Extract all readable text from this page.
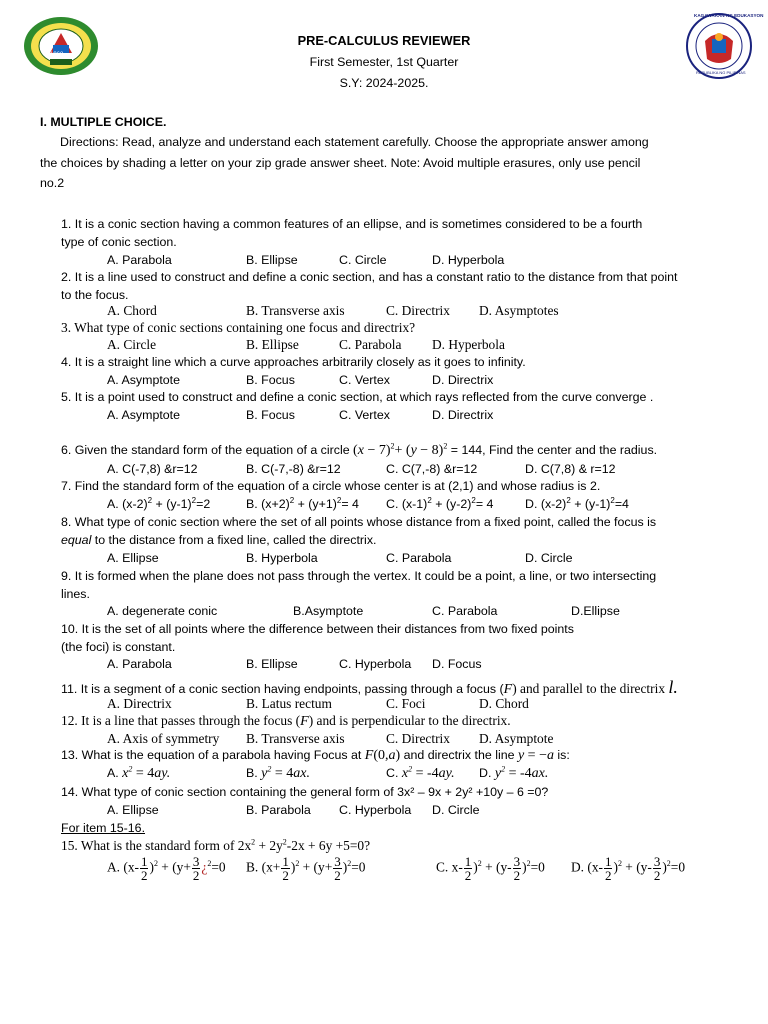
1968
KAGAWARAN NG EDUKASYON
REPUBLIKA NG PILIPINAS
PRE-CALCULUS REVIEWER
First Semester, 1st Quarter
S.Y: 2024-2025.
I. MULTIPLE CHOICE.
Directions: Read, analyze and understand each statement carefully. Choose the appropriate answer among
the choices by shading a letter on your zip grade answer sheet. Note: Avoid multiple erasures, only use pencil
no.2
1. It is a conic section having a common features of an ellipse, and is sometimes considered to be a fourth
type of conic section.
A. Parabola	B. Ellipse	C. Circle	D. Hyperbola
2. It is a line used to construct and define a conic section, and has a constant ratio to the distance from that point
to the focus.
A. Chord	B. Transverse axis	C. Directrix D. Asymptotes
3. What type of conic sections containing one focus and directrix?
A. Circle	B. Ellipse	C. Parabola D. Hyperbola
4. It is a straight line which a curve approaches arbitrarily closely as it goes to infinity.
A. Asymptote	B. Focus	C. Vertex	D. Directrix
5. It is a point used to construct and define a conic section, at which rays reflected from the curve converge .
A. Asymptote	B. Focus	C. Vertex	D. Directrix
6. Given the standard form of the equation of a circle $(x - 7)^2+ (y - 8)^2 = 144$, Find the center and the radius.
A. C(-7,8) &r=12	B. C(-7,-8) &r=12	C. C(7,-8) &r=12	D. C(7,8) & r=12
7. Find the standard form of the equation of a circle whose center is at (2,1) and whose radius is 2.
A. $(x-2)^2 + (y-1)^2=2$	B. $(x+2)^2 + (y+1)^2= 4$ C. $(x-1)^2 + (y-2)^2= 4$	D. $(x-2)^2 + (y-1)^2=4$
8. What type of conic section where the set of all points whose distance from a fixed point, called the focus is
equal to the distance from a fixed line, called the directrix.
A. Ellipse	B. Hyperbola	C. Parabola	D. Circle
9. It is formed when the plane does not pass through the vertex. It could be a point, a line, or two intersecting
lines.
A. degenerate conic	B.Asymptote	C. Parabola	D.Ellipse
10. It is the set of all points where the difference between their distances from two fixed points
(the foci) is constant.
A. Parabola	B. Ellipse	C. Hyperbola D. Focus
11. It is a segment of a conic section having endpoints, passing through a focus (F) and parallel to the directrix l.
A. Directrix	B. Latus rectum	C. Foci	D. Chord
12. It is a line that passes through the focus (F) and is perpendicular to the directrix.
A. Axis of symmetry B. Transverse axis	C. Directrix D. Asymptote
13. What is the equation of a parabola having Focus at F(0,a) and directrix the line y = −a is:
A. $x^2 = 4ay$.	B. $y^2 = 4ax$.	C. $x^2 = -4ay$. D. $y^2 = -4ax$.
14. What type of conic section containing the general form of 3x² – 9x + 2y² +10y – 6 =0?
A. Ellipse	B. Parabola C. Hyperbola D. Circle
For item 15-16.
15. What is the standard form of $2x^2 + 2y^2-2x + 6y +5=0$?
A. $(x- \frac{1}{2} )^2 + (y+ \frac{3}{2}$ ¿$^2$=0 B. $(x+ \frac{1}{2} )^2 + (y+ \frac{3}{2} )^2=0$	C. $x- \frac{1}{2} )^2 + (y- \frac{3}{2} )^2=0$ D. $(x- \frac{1}{2} )^2 + (y- \frac{3}{2} )^2=0$
